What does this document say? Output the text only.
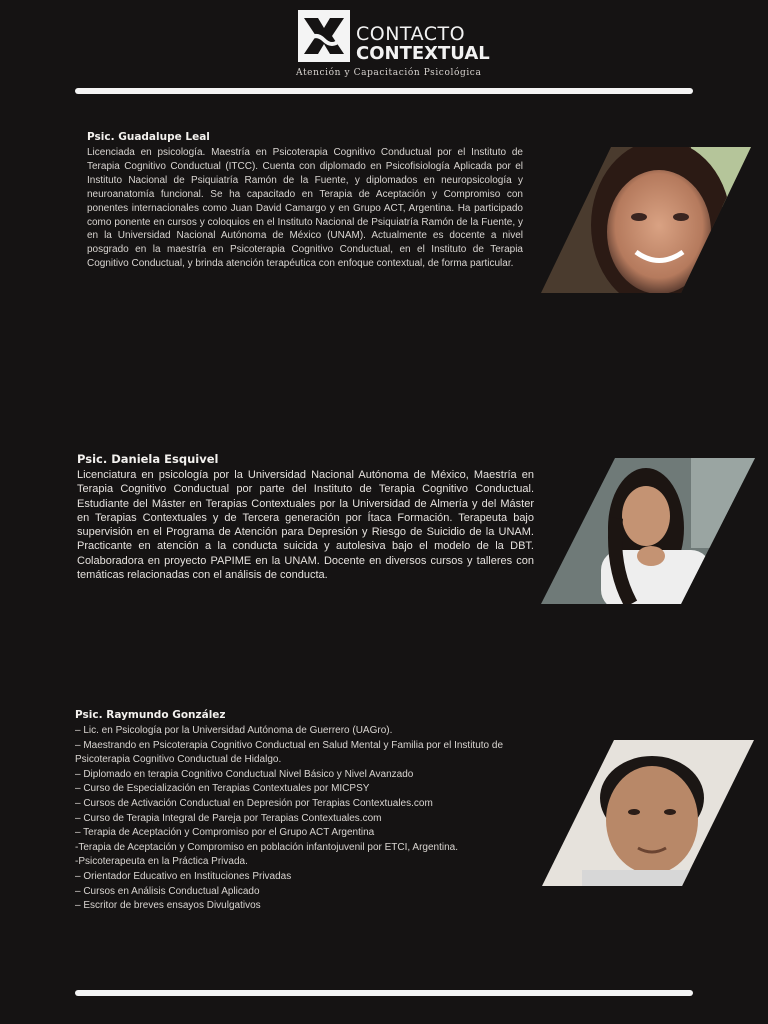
CONTACTO
CONTEXTUAL
Atención y Capacitación Psicológica
Psic. Guadalupe Leal

Licenciada en psicología. Maestría en Psicoterapia Cognitivo Conductual por el Instituto de Terapia Cognitivo Conductual (ITCC). Cuenta con diplomado en Psicofisiología Aplicada por el Instituto Nacional de Psiquiatría Ramón de la Fuente, y diplomados en neuropsicología y neuroanatomía funcional. Se ha capacitado en Terapia de Aceptación y Compromiso con ponentes internacionales como Juan David Camargo y en Grupo ACT, Argentina. Ha participado como ponente en cursos y coloquios en el Instituto Nacional de Psiquiatría Ramón de la Fuente, y en la Universidad Nacional Autónoma de México (UNAM). Actualmente es docente a nivel posgrado en la maestría en Psicoterapia Cognitivo Conductual, en el Instituto de Terapia Cognitivo Conductual, y brinda atención terapéutica con enfoque contextual, de forma particular.

Psic. Daniela Esquivel

Licenciatura en psicología por la Universidad Nacional Autónoma de México, Maestría en Terapia Cognitivo Conductual por parte del Instituto de Terapia Cognitivo Conductual. Estudiante del Máster en Terapias Contextuales por la Universidad de Almería y del Máster en Terapias Contextuales y de Tercera generación por Ítaca Formación. Terapeuta bajo supervisión en el Programa de Atención para Depresión y Riesgo de Suicidio de la UNAM. Practicante en atención a la conducta suicida y autolesiva bajo el modelo de la DBT. Colaboradora en proyecto PAPIME en la UNAM. Docente en diversos cursos y talleres con temáticas relacionadas con el análisis de conducta.

Psic. Raymundo González
– Lic. en Psicología por la Universidad Autónoma de Guerrero (UAGro).
– Maestrando en Psicoterapia Cognitivo Conductual en Salud Mental y Familia por el Instituto de Psicoterapia Cognitivo Conductual de Hidalgo.
– Diplomado en terapia Cognitivo Conductual Nivel Básico y Nivel Avanzado
– Curso de Especialización en Terapias Contextuales por MICPSY
– Cursos de Activación Conductual en Depresión por Terapias Contextuales.com
– Curso de Terapia Integral de Pareja por Terapias Contextuales.com
– Terapia de Aceptación y Compromiso por el Grupo ACT Argentina
-Terapia de Aceptación y Compromiso en población infantojuvenil por ETCI, Argentina.
-Psicoterapeuta en la Práctica Privada.
– Orientador Educativo en Instituciones Privadas
– Cursos en Análisis Conductual Aplicado
– Escritor de breves ensayos Divulgativos
